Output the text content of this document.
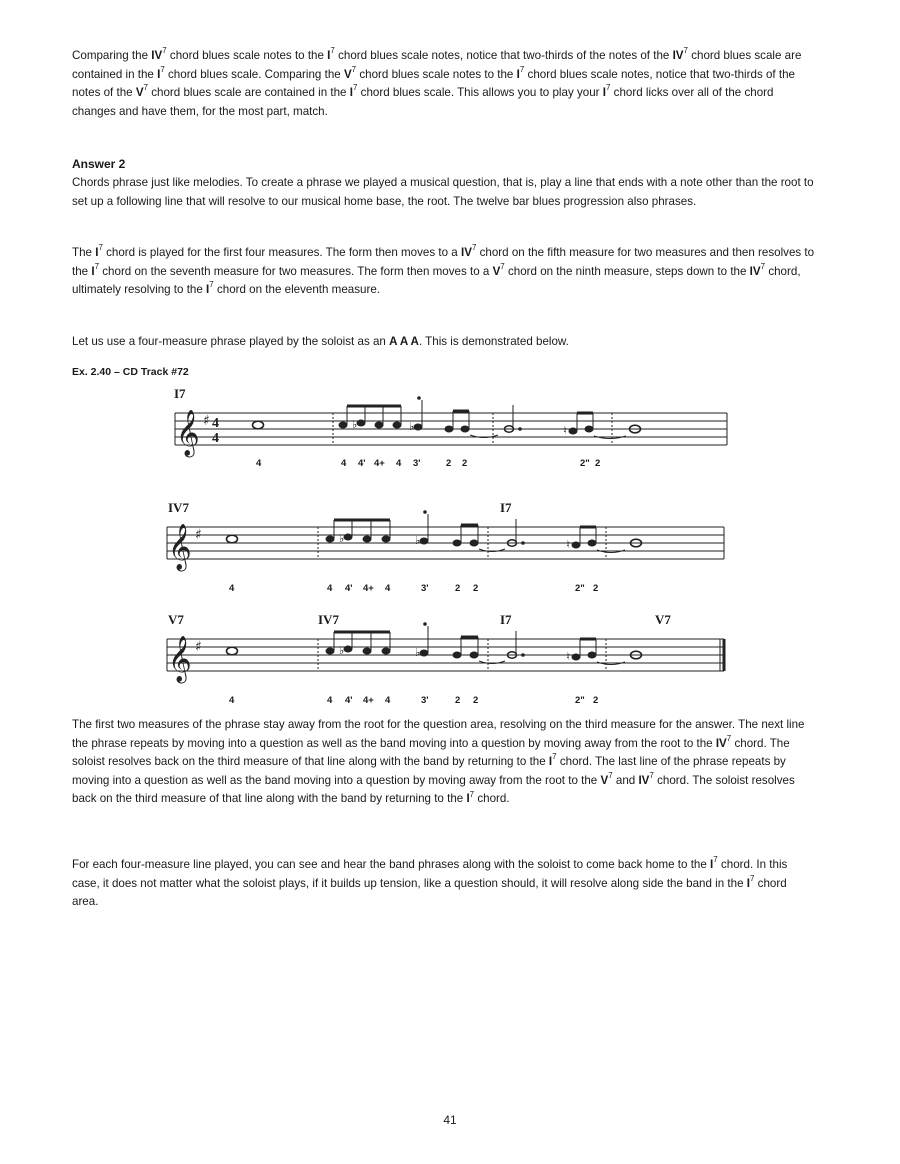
Comparing the $IV^7$ chord blues scale notes to the $I^7$ chord blues scale notes, notice that two-thirds of the notes of the $IV^7$ chord blues scale are contained in the $I^7$ chord blues scale. Comparing the $V^7$ chord blues scale notes to the $I^7$ chord blues scale notes, notice that two-thirds of the notes of the $V^7$ chord blues scale are contained in the $I^7$ chord blues scale. This allows you to play your $I^7$ chord licks over all of the chord changes and have them, for the most part, match.

Answer 2

Chords phrase just like melodies. To create a phrase we played a musical question, that is, play a line that ends with a note other than the root to set up a following line that will resolve to our musical home base, the root. The twelve bar blues progression also phrases.

The $I^7$ chord is played for the first four measures. The form then moves to a $IV^7$ chord on the fifth measure for two measures and then resolves to the $I^7$ chord on the seventh measure for two measures. The form then moves to a $V^7$ chord on the ninth measure, steps down to the $IV^7$ chord, ultimately resolving to the $I^7$ chord on the eleventh measure.

Let us use a four-measure phrase played by the soloist as an A A A. This is demonstrated below.

Ex. 2.40 – CD Track #72
𝄞 ♯ 4
4
♭	♭	♮
I7
4	4 4' 4+ 4 3'	2 2	2" 2
𝄞 ♯	♭	♭	♮
IV7	I7
4	4 4' 4+ 4	3'	2 2	2" 2
𝄞 ♯	♭	♭	♮
V7	IV7	I7	V7
4	4 4' 4+ 4	3'	2 2	2" 2

The first two measures of the phrase stay away from the root for the question area, resolving on the third measure for the answer. The next line the phrase repeats by moving into a question as well as the band moving into a question by moving away from the root to the $IV^7$ chord. The soloist resolves back on the third measure of that line along with the band by returning to the $I^7$ chord. The last line of the phrase repeats by moving into a question as well as the band moving into a question by moving away from the root to the $V^7$ and $IV^7$ chord. The soloist resolves back on the third measure of that line along with the band by returning to the $I^7$ chord.

For each four-measure line played, you can see and hear the band phrases along with the soloist to come back home to the $I^7$ chord. In this case, it does not matter what the soloist plays, if it builds up tension, like a question should, it will resolve along side the band in the $I^7$ chord area.

41
